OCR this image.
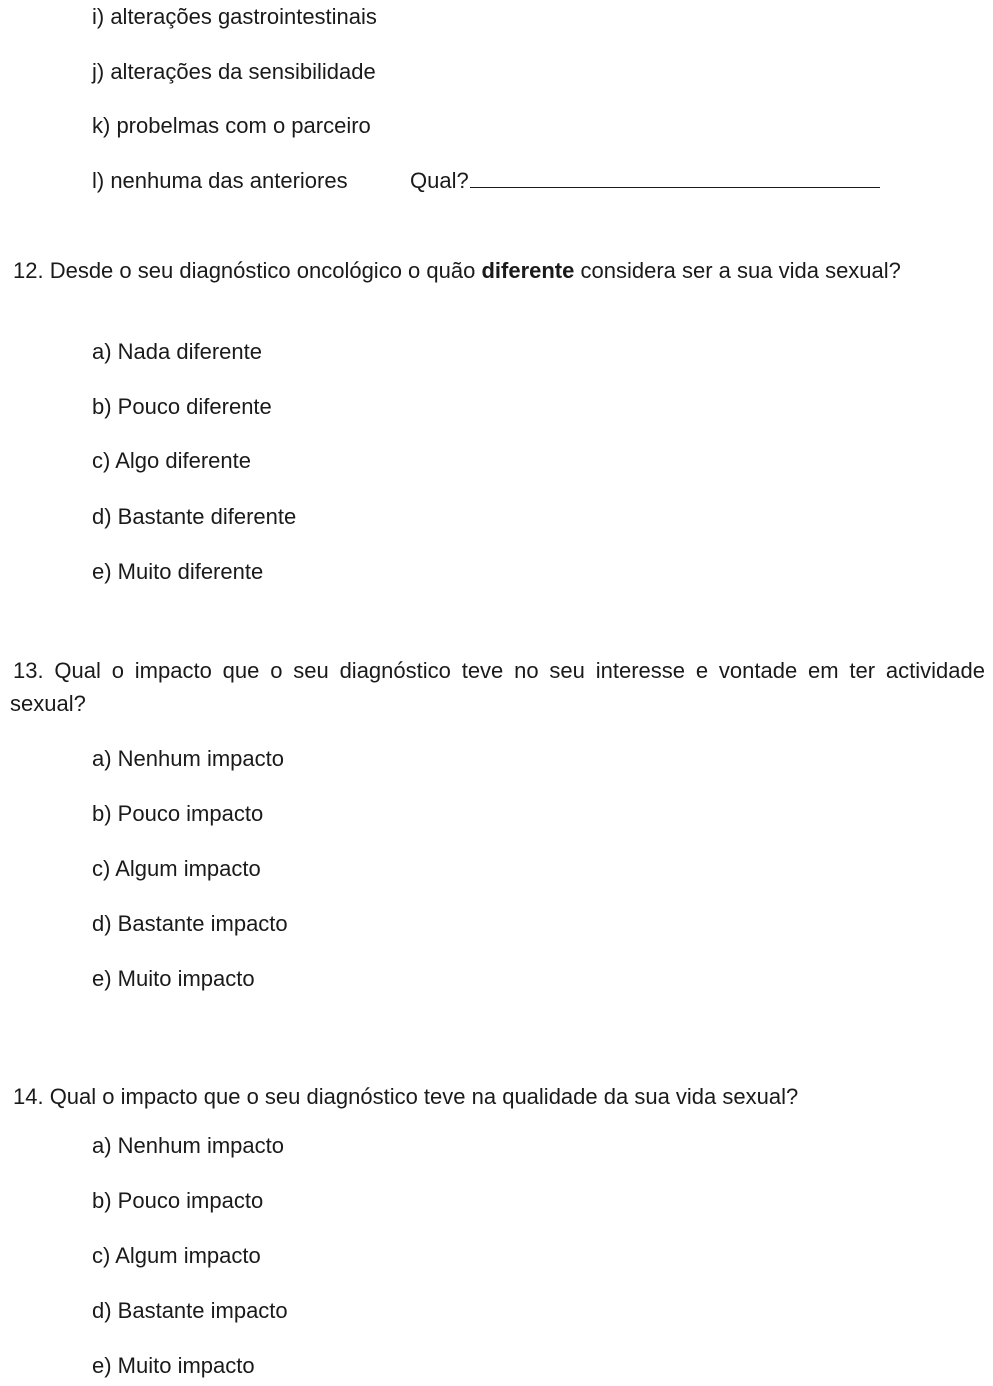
i) alterações gastrointestinais
j) alterações da sensibilidade
k) probelmas com o parceiro
l) nenhuma das anteriores	Qual?
12. Desde o seu diagnóstico oncológico o quão diferente considera ser a sua vida sexual?
a) Nada diferente
b) Pouco diferente
c) Algo diferente
d) Bastante diferente
e) Muito diferente
13. Qual o impacto que o seu diagnóstico teve no seu interesse e vontade em ter actividade sexual?
a) Nenhum impacto
b) Pouco impacto
c) Algum impacto
d) Bastante impacto
e) Muito impacto
14. Qual o impacto que o seu diagnóstico teve na qualidade da sua vida sexual?
a) Nenhum impacto
b) Pouco impacto
c) Algum impacto
d) Bastante impacto
e) Muito impacto
